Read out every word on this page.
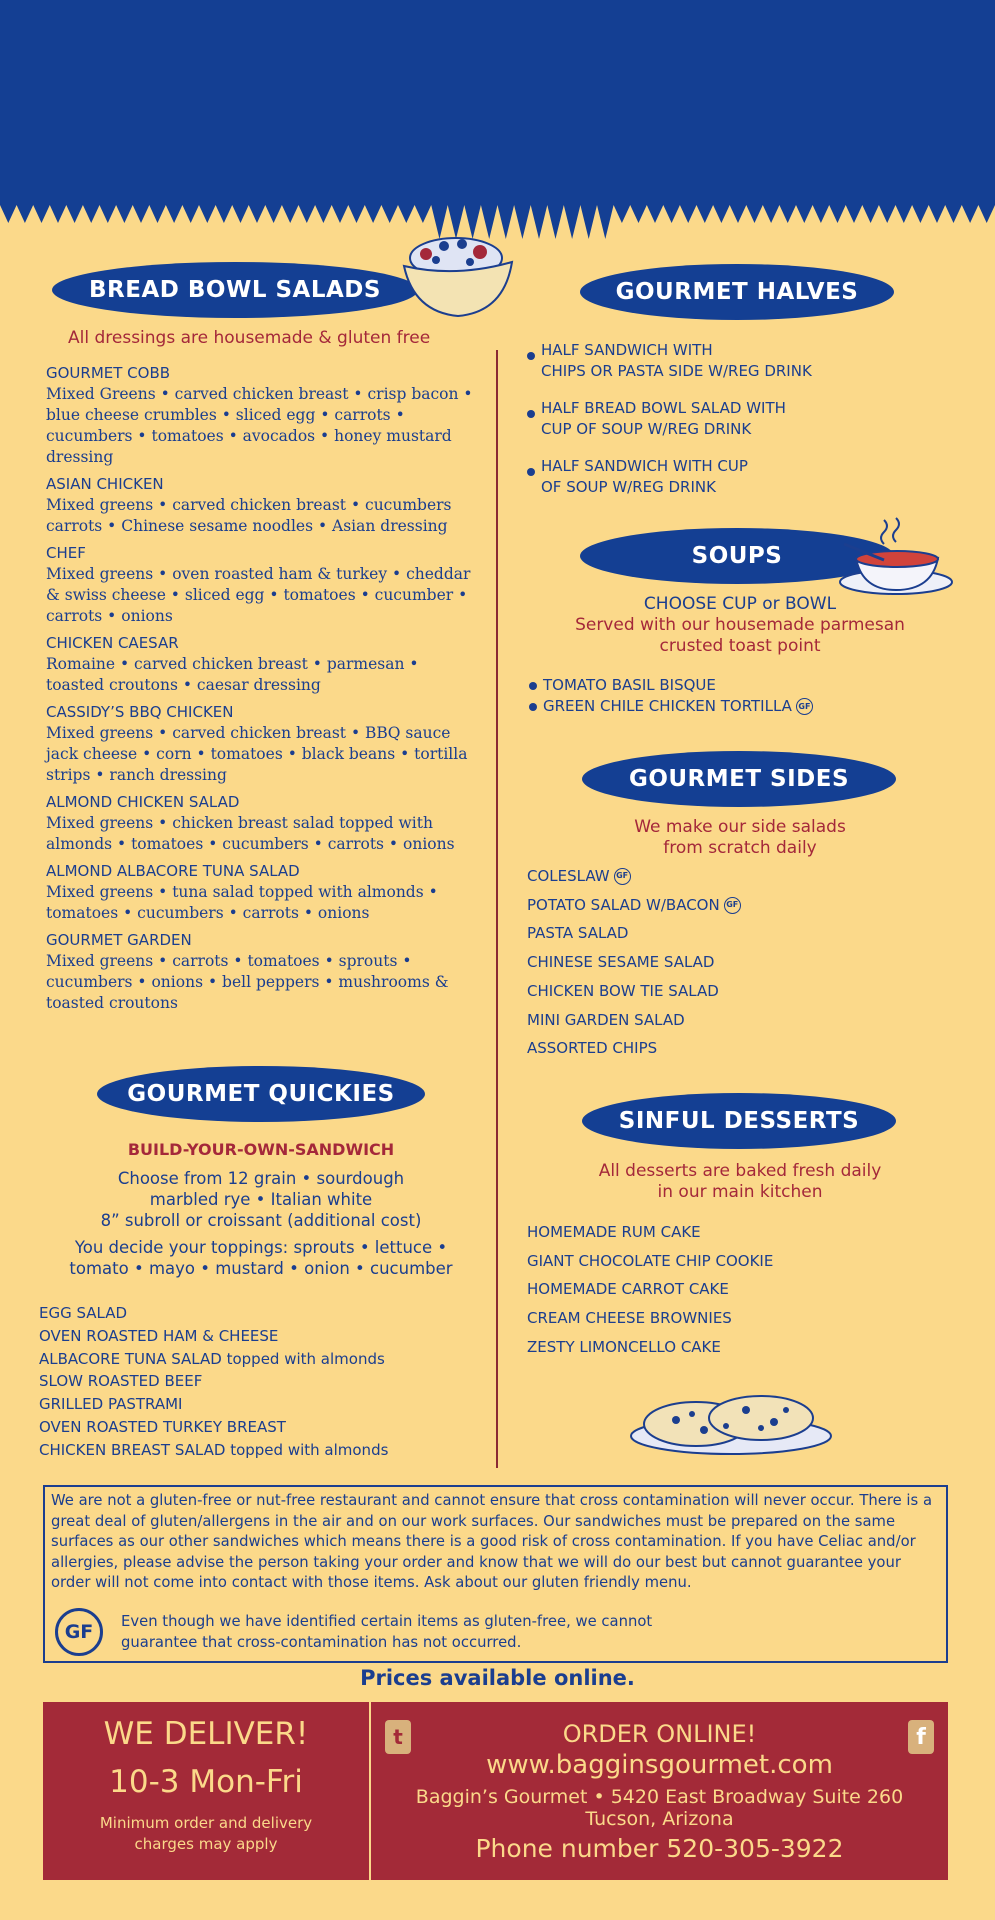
BREAD BOWL SALADS
All dressings are housemade & gluten free
GOURMET COBB
Mixed Greens • carved chicken breast • crisp bacon • blue cheese crumbles • sliced egg • carrots • cucumbers • tomatoes • avocados • honey mustard dressing
ASIAN CHICKEN
Mixed greens • carved chicken breast • cucumbers carrots • Chinese sesame noodles • Asian dressing
CHEF
Mixed greens • oven roasted ham & turkey • cheddar & swiss cheese • sliced egg • tomatoes • cucumber • carrots • onions
CHICKEN CAESAR
Romaine • carved chicken breast • parmesan • toasted croutons • caesar dressing
CASSIDY’S BBQ CHICKEN
Mixed greens • carved chicken breast • BBQ sauce jack cheese • corn • tomatoes • black beans • tortilla strips • ranch dressing
ALMOND CHICKEN SALAD
Mixed greens • chicken breast salad topped with almonds • tomatoes • cucumbers • carrots • onions
ALMOND ALBACORE TUNA SALAD
Mixed greens • tuna salad topped with almonds • tomatoes • cucumbers • carrots • onions
GOURMET GARDEN
Mixed greens • carrots • tomatoes • sprouts • cucumbers • onions • bell peppers • mushrooms & toasted croutons
GOURMET QUICKIES
BUILD-YOUR-OWN-SANDWICH
Choose from 12 grain • sourdough
marbled rye • Italian white
8” subroll or croissant (additional cost)
You decide your toppings: sprouts • lettuce •
tomato • mayo • mustard • onion • cucumber
EGG SALAD
OVEN ROASTED HAM & CHEESE
ALBACORE TUNA SALAD topped with almonds
SLOW ROASTED BEEF
GRILLED PASTRAMI
OVEN ROASTED TURKEY BREAST
CHICKEN BREAST SALAD topped with almonds
GOURMET HALVES
HALF SANDWICH WITH
CHIPS OR PASTA SIDE W/REG DRINK
HALF BREAD BOWL SALAD WITH
CUP OF SOUP W/REG DRINK
HALF SANDWICH WITH CUP
OF SOUP W/REG DRINK
SOUPS
CHOOSE CUP or BOWL
Served with our housemade parmesan
crusted toast point
TOMATO BASIL BISQUE
GREEN CHILE CHICKEN TORTILLA GF
GOURMET SIDES
We make our side salads
from scratch daily
COLESLAW GF
POTATO SALAD W/BACON GF
PASTA SALAD
CHINESE SESAME SALAD
CHICKEN BOW TIE SALAD
MINI GARDEN SALAD
ASSORTED CHIPS
SINFUL DESSERTS
All desserts are baked fresh daily
in our main kitchen
HOMEMADE RUM CAKE
GIANT CHOCOLATE CHIP COOKIE
HOMEMADE CARROT CAKE
CREAM CHEESE BROWNIES
ZESTY LIMONCELLO CAKE

We are not a gluten-free or nut-free restaurant and cannot ensure that cross contamination will never occur. There is a great deal of gluten/allergens in the air and on our work surfaces. Our sandwiches must be prepared on the same surfaces as our other sandwiches which means there is a good risk of cross contamination. If you have Celiac and/or allergies, please advise the person taking your order and know that we will do our best but cannot guarantee your order will not come into contact with those items. Ask about our gluten friendly menu.

GF	Even though we have identified certain items as gluten-free, we cannot
guarantee that cross-contamination has not occurred.
Prices available online.
WE DELIVER!
10-3 Mon-Fri
Minimum order and delivery
charges may apply
t	f
ORDER ONLINE!
www.bagginsgourmet.com
Baggin’s Gourmet • 5420 East Broadway Suite 260
Tucson, Arizona
Phone number 520-305-3922
